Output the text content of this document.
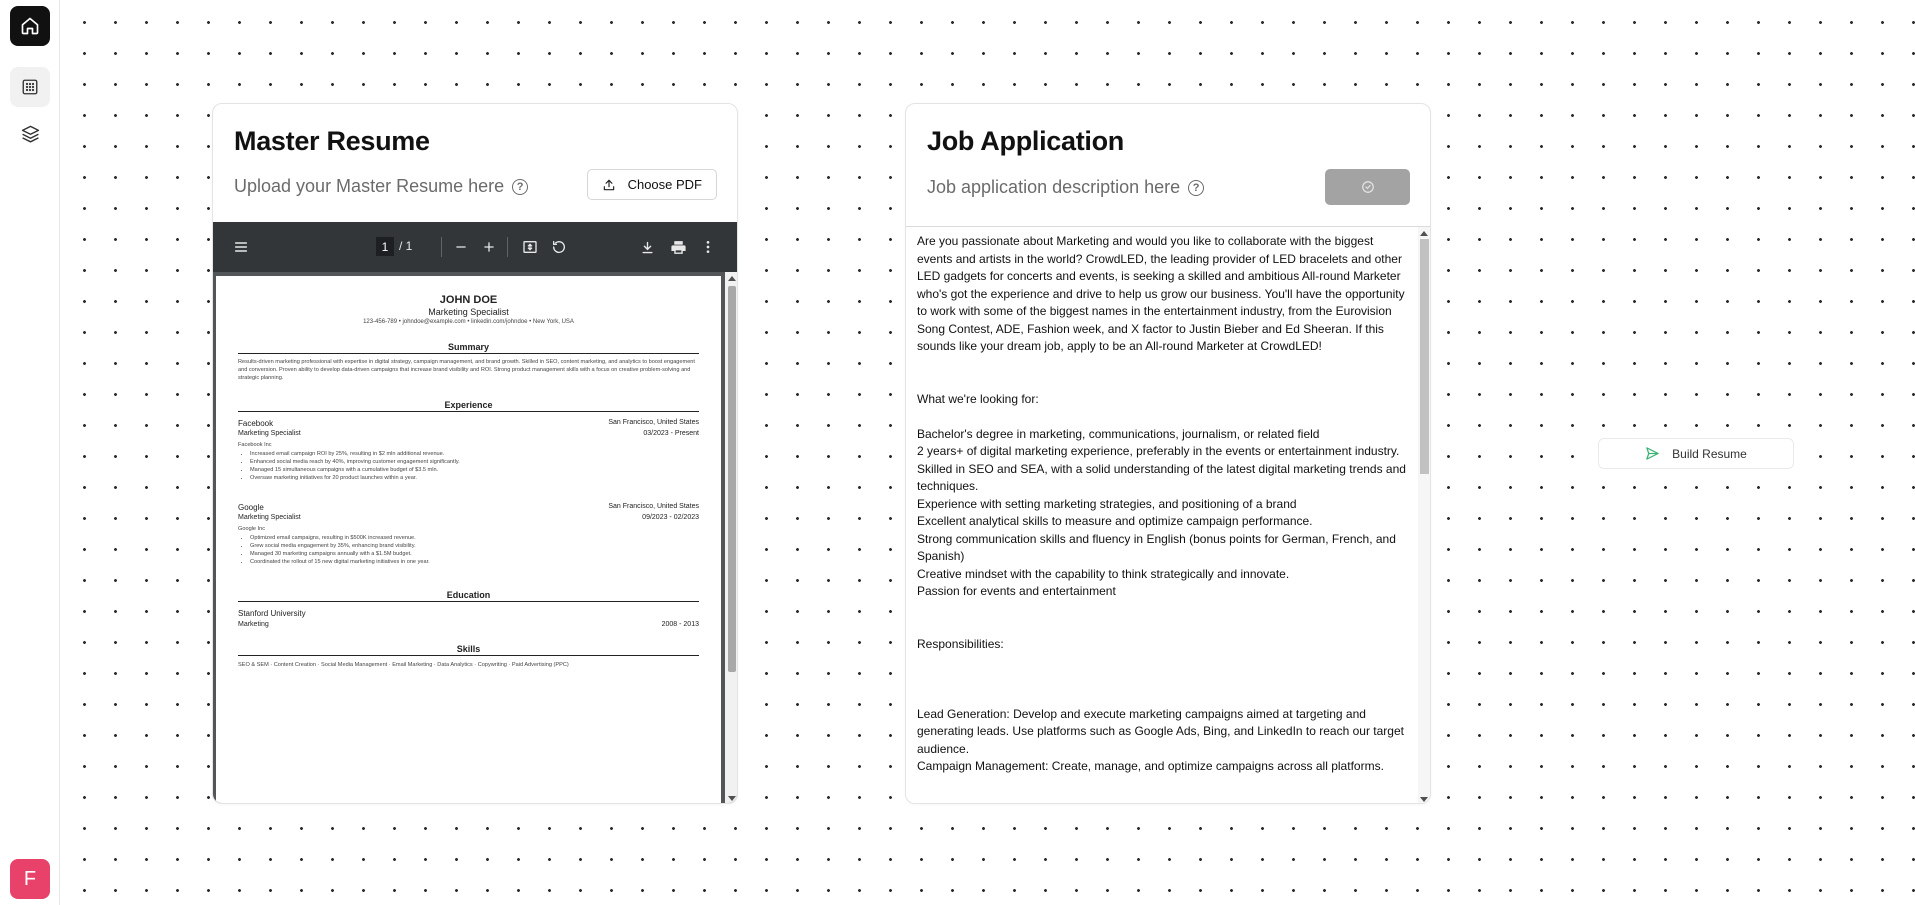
F
Master Resume
Upload your Master Resume here	?	Choose PDF
1 / 1
JOHN DOE
Marketing Specialist
123-456-789 • johndoe@example.com • linkedin.com/johndoe • New York, USA
Summary
Results-driven marketing professional with expertise in digital strategy, campaign management, and brand growth. Skilled in SEO, content marketing, and analytics to boost engagement and conversion. Proven ability to develop data-driven campaigns that increase brand visibility and ROI. Strong product management skills with a focus on creative problem-solving and strategic planning.
Experience
Facebook	San Francisco, United States
Marketing Specialist	03/2023 - Present
Facebook Inc
• Increased email campaign ROI by 25%, resulting in $2 mln additional revenue.
• Enhanced social media reach by 40%, improving customer engagement significantly.
• Managed 15 simultaneous campaigns with a cumulative budget of $3.5 mln.
• Oversaw marketing initiatives for 20 product launches within a year.
Google	San Francisco, United States
Marketing Specialist	09/2023 - 02/2023
Google Inc
• Optimized email campaigns, resulting in $500K increased revenue.
• Grew social media engagement by 35%, enhancing brand visibility.
• Managed 30 marketing campaigns annually with a $1.5M budget.
• Coordinated the rollout of 15 new digital marketing initiatives in one year.
Education
Stanford University
Marketing	2008 - 2013
Skills
SEO & SEM · Content Creation · Social Media Management · Email Marketing · Data Analytics · Copywriting · Paid Advertising (PPC)
Job Application
Job application description here	?
Are you passionate about Marketing and would you like to collaborate with the biggest events and artists in the world? CrowdLED, the leading provider of LED bracelets and other LED gadgets for concerts and events, is seeking a skilled and ambitious All-round Marketer who's got the experience and drive to help us grow our business. You'll have the opportunity to work with some of the biggest names in the entertainment industry, from the Eurovision Song Contest, ADE, Fashion week, and X factor to Justin Bieber and Ed Sheeran. If this sounds like your dream job, apply to be an All-round Marketer at CrowdLED!

What we're looking for:

Bachelor's degree in marketing, communications, journalism, or related field
2 years+ of digital marketing experience, preferably in the events or entertainment industry.
Skilled in SEO and SEA, with a solid understanding of the latest digital marketing trends and techniques.
Experience with setting marketing strategies, and positioning of a brand
Excellent analytical skills to measure and optimize campaign performance.
Strong communication skills and fluency in English (bonus points for German, French, and Spanish)
Creative mindset with the capability to think strategically and innovate.
Passion for events and entertainment

Responsibilities:

Lead Generation: Develop and execute marketing campaigns aimed at targeting and generating leads. Use platforms such as Google Ads, Bing, and LinkedIn to reach our target audience.
Campaign Management: Create, manage, and optimize campaigns across all platforms.
Build Resume
